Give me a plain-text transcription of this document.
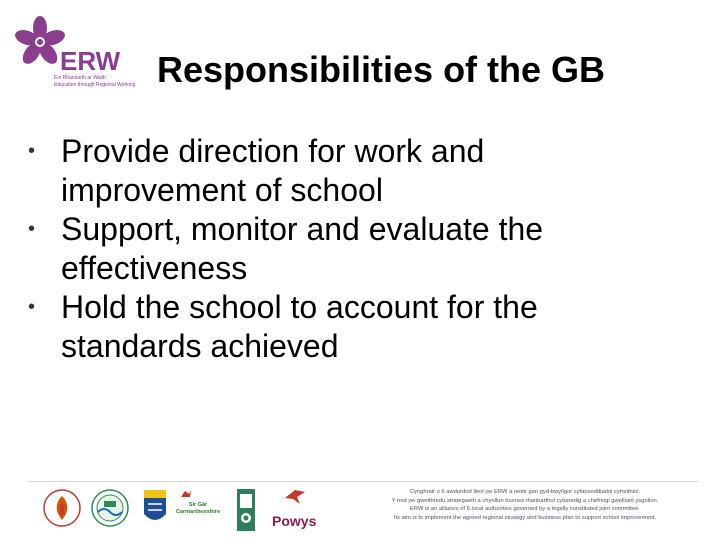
ERW
Ein Rhanbarth ar Waith
Education through Regional Working Responsibilities of the GB
• Provide direction for work and
improvement of school
• Support, monitor and evaluate the
effectiveness
• Hold the school to account for the
standards achieved
Sir Gâr
Carmarthenshire
Powys
Cynghrair o 6 awdurdod lleol yw ERW a reolir gan gyd-bwyllgor cyfansoddiadol cyfreithiol.
Y nod yw gweithredu strategaeth a chynllun busnes rhanbarthol cytunedig a chefnogi gwelliant ysgolion.
ERW is an alliance of 6 local authorities governed by a legally constituted joint committee.
Its aim is to implement the agreed regional strategy and business plan to support school improvement.
